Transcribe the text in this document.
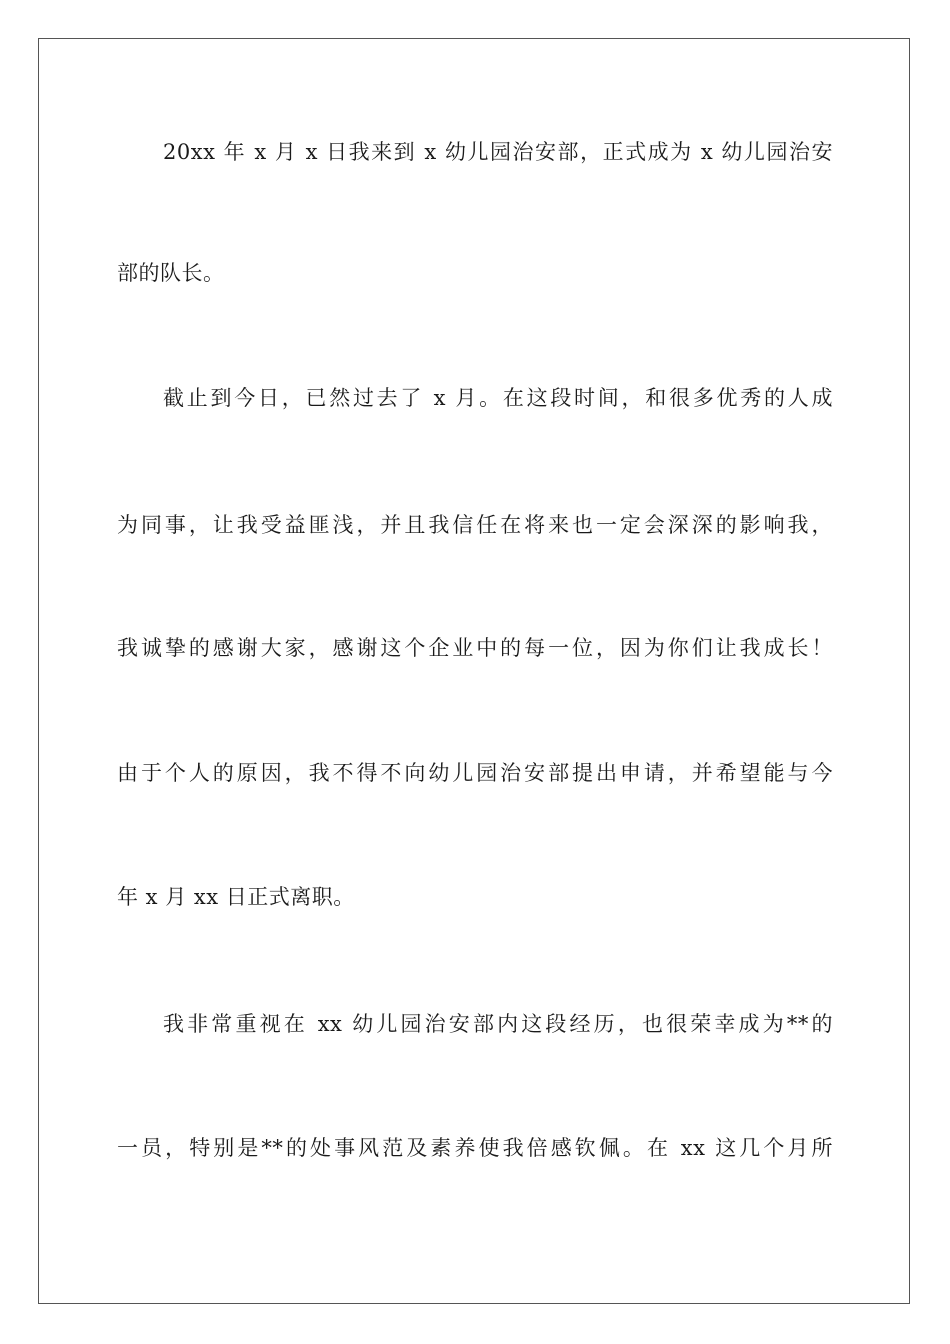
20xx 年 x 月 x 日我来到 x 幼儿园治安部，正式成为 x 幼儿园治安
部的队长。
截止到今日，已然过去了 x 月。在这段时间，和很多优秀的人成
为同事，让我受益匪浅，并且我信任在将来也一定会深深的影响我，
我诚挚的感谢大家，感谢这个企业中的每一位，因为你们让我成长！
由于个人的原因，我不得不向幼儿园治安部提出申请，并希望能与今
年 x 月 xx 日正式离职。
我非常重视在 xx 幼儿园治安部内这段经历，也很荣幸成为**的
一员，特别是**的处事风范及素养使我倍感钦佩。在 xx 这几个月所
